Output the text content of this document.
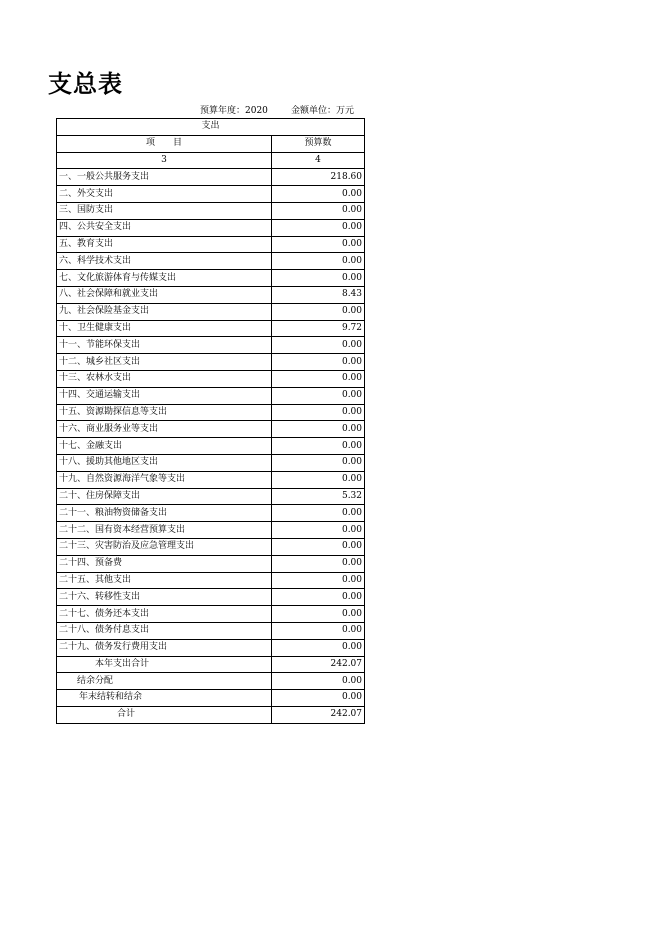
支总表
预算年度：2020	金额单位：万元
支出	
项　　目	预算数
3	4
一、一般公共服务支出	218.60
二、外交支出	0.00
三、国防支出	0.00
四、公共安全支出	0.00
五、教育支出	0.00
六、科学技术支出	0.00
七、文化旅游体育与传媒支出	0.00
八、社会保障和就业支出	8.43
九、社会保险基金支出	0.00
十、卫生健康支出	9.72
十一、节能环保支出	0.00
十二、城乡社区支出	0.00
十三、农林水支出	0.00
十四、交通运输支出	0.00
十五、资源勘探信息等支出	0.00
十六、商业服务业等支出	0.00
十七、金融支出	0.00
十八、援助其他地区支出	0.00
十九、自然资源海洋气象等支出	0.00
二十、住房保障支出	5.32
二十一、粮油物资储备支出	0.00
二十二、国有资本经营预算支出	0.00
二十三、灾害防治及应急管理支出	0.00
二十四、预备费	0.00
二十五、其他支出	0.00
二十六、转移性支出	0.00
二十七、债务还本支出	0.00
二十八、债务付息支出	0.00
二十九、债务发行费用支出	0.00
本年支出合计	242.07
结余分配	0.00
年末结转和结余	0.00
合计	242.07
